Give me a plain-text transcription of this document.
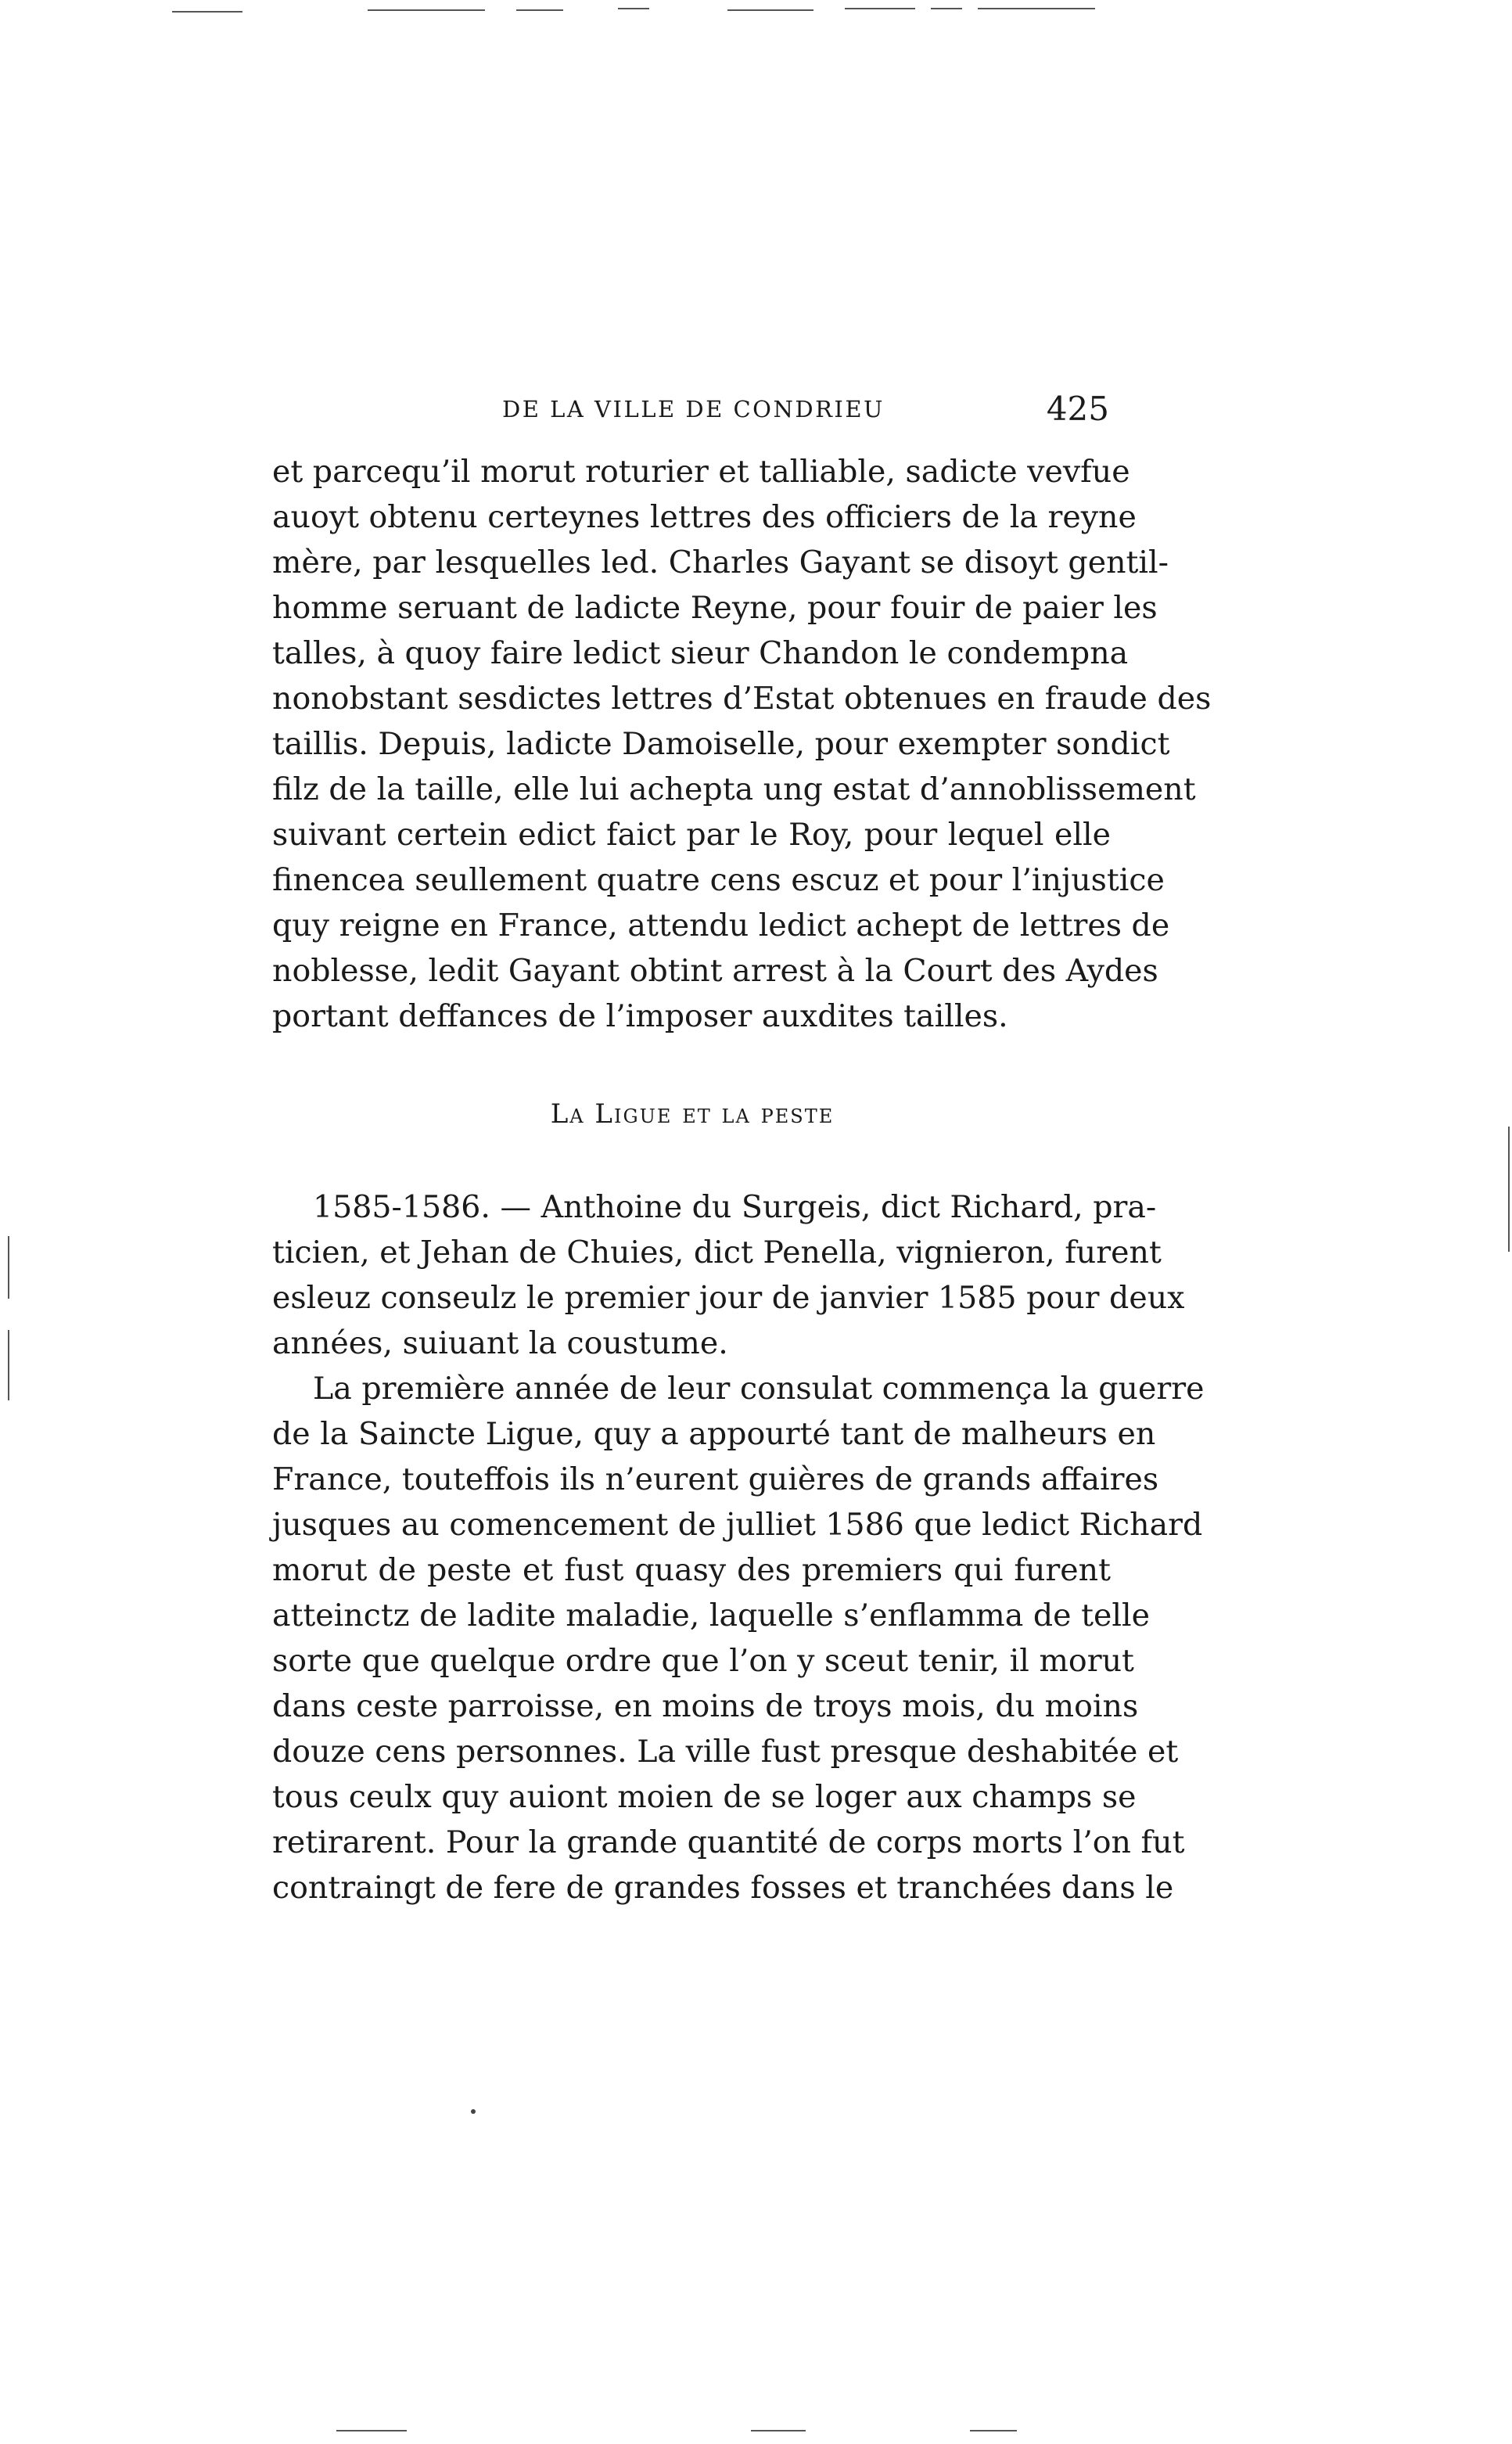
DE LA VILLE DE CONDRIEU	425
et parcequ’il morut roturier et talliable, sadicte vevfue
auoyt obtenu certeynes lettres des officiers de la reyne
mère, par lesquelles led. Charles Gayant se disoyt gentil-
homme seruant de ladicte Reyne, pour fouir de paier les
talles, à quoy faire ledict sieur Chandon le condempna
nonobstant sesdictes lettres d’Estat obtenues en fraude des
taillis. Depuis, ladicte Damoiselle, pour exempter sondict
filz de la taille, elle lui achepta ung estat d’annoblissement
suivant certein edict faict par le Roy, pour lequel elle
finencea seullement quatre cens escuz et pour l’injustice
quy reigne en France, attendu ledict achept de lettres de
noblesse, ledit Gayant obtint arrest à la Court des Aydes
portant deffances de l’imposer auxdites tailles.
La Ligue et la peste
1585-1586. — Anthoine du Surgeis, dict Richard, pra-
ticien, et Jehan de Chuies, dict Penella, vignieron, furent
esleuz conseulz le premier jour de janvier 1585 pour deux
années, suiuant la coustume.
La première année de leur consulat commença la guerre
de la Saincte Ligue, quy a appourté tant de malheurs en
France, touteffois ils n’eurent guières de grands affaires
jusques au comencement de julliet 1586 que ledict Richard
morut de peste et fust quasy des premiers qui furent
atteinctz de ladite maladie, laquelle s’enflamma de telle
sorte que quelque ordre que l’on y sceut tenir, il morut
dans ceste parroisse, en moins de troys mois, du moins
douze cens personnes. La ville fust presque deshabitée et
tous ceulx quy auiont moien de se loger aux champs se
retirarent. Pour la grande quantité de corps morts l’on fut
contraingt de fere de grandes fosses et tranchées dans le
